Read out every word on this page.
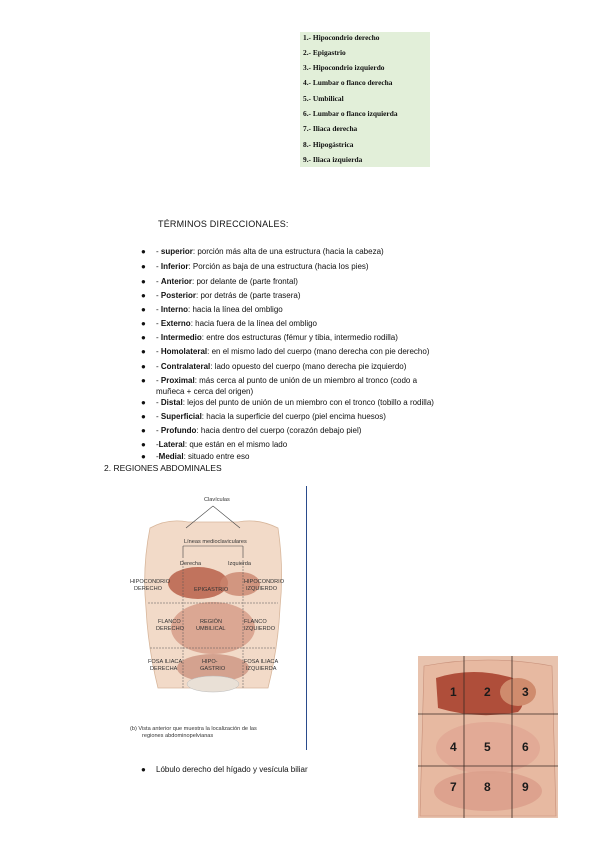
1.- Hipocondrio derecho
2.- Epigastrio
3.- Hipocondrio izquierdo
4.- Lumbar o flanco derecha
5.- Umbilical
6.- Lumbar o flanco izquierda
7.- Iliaca derecha
8.- Hipogástrica
9.- Iliaca izquierda
TÉRMINOS DIRECCIONALES:
● - superior: porción más alta de una estructura (hacia la cabeza)
● - Inferior: Porción as baja de una estructura (hacia los pies)
● - Anterior: por delante de (parte frontal)
● - Posterior: por detrás de (parte trasera)
● - Interno: hacia la línea del ombligo
● - Externo: hacia fuera de la línea del ombligo
● - Intermedio: entre dos estructuras (fémur y tibia, intermedio rodilla)
● - Homolateral: en el mismo lado del cuerpo (mano derecha con pie derecho)
● - Contralateral: lado opuesto del cuerpo (mano derecha pie izquierdo)
● - Proximal: más cerca al punto de unión de un miembro al tronco (codo a muñeca + cerca del origen)
● - Distal: lejos del punto de unión de un miembro con el tronco (tobillo a rodilla)
● - Superficial: hacia la superficie del cuerpo (piel encima huesos)
● - Profundo: hacia dentro del cuerpo (corazón debajo piel)
● -Lateral: que están en el mismo lado
● -Medial: situado entre eso
2. REGIONES ABDOMINALES
Clavículas
Líneas medioclaviculares
Derecha	Izquierda
HIPOCONDRIO
DERECHO	EPIGASTRIO
HIPOCONDRIO
IZQUIERDO
FLANCO
DERECHO
REGIÓN
UMBILICAL
FLANCO
IZQUIERDO
FOSA ILIACA
DERECHA
HIPO-
GASTRIO
FOSA ILIACA
IZQUIERDA
(b) Vista anterior que muestra la localización de las
regiones abdominopelvianas
1 2	3
4 5	6
7 8	9
● Lóbulo derecho del hígado y vesícula biliar
